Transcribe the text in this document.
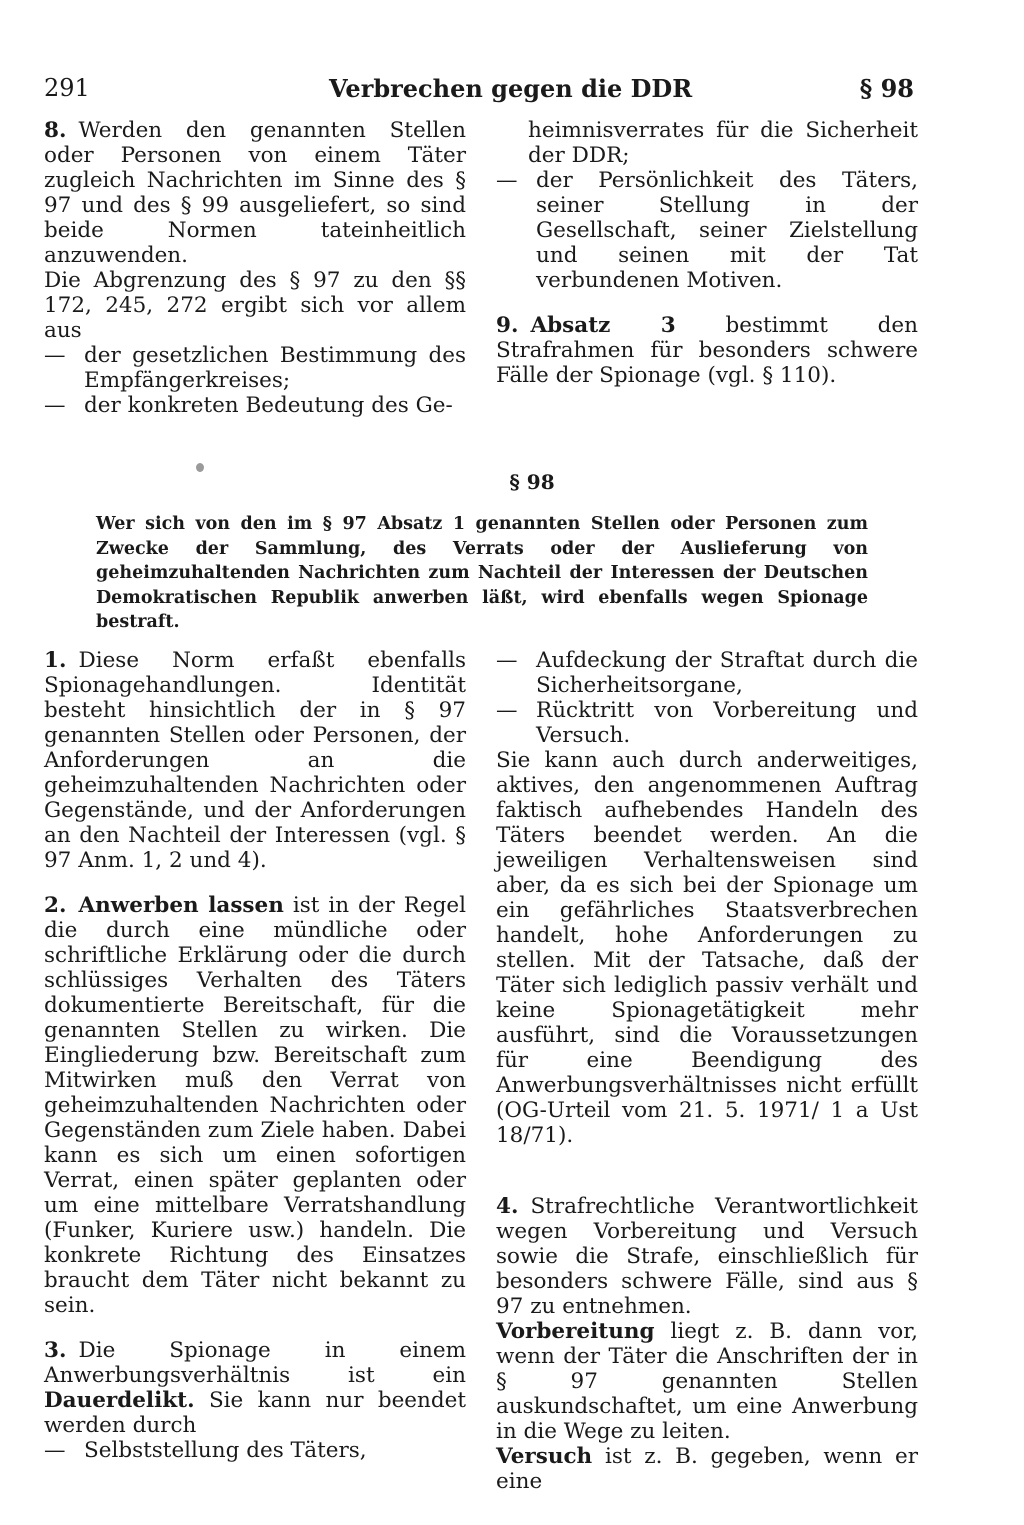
291	Verbrechen gegen die DDR	§ 98

8. Werden den genannten Stellen oder Personen von einem Täter zugleich Nachrichten im Sinne des § 97 und des § 99 ausgeliefert, so sind beide Normen tateinheitlich anzuwenden.

Die Abgrenzung des § 97 zu den §§ 172, 245, 272 ergibt sich vor allem aus

— der gesetzlichen Bestimmung des Empfängerkreises;

— der konkreten Bedeutung des Ge-

heimnisverrates für die Sicherheit der DDR;

— der Persönlichkeit des Täters, seiner Stellung in der Gesellschaft, seiner Zielstellung und seinen mit der Tat verbundenen Motiven.

9. Absatz 3 bestimmt den Strafrahmen für besonders schwere Fälle der Spionage (vgl. § 110).

§ 98

Wer sich von den im § 97 Absatz 1 genannten Stellen oder Personen zum Zwecke der Sammlung, des Verrats oder der Auslieferung von geheimzuhaltenden Nachrichten zum Nachteil der Interessen der Deutschen Demokratischen Republik anwerben läßt, wird ebenfalls wegen Spionage bestraft.

1. Diese Norm erfaßt ebenfalls Spionagehandlungen. Identität besteht hinsichtlich der in § 97 genannten Stellen oder Personen, der Anforderungen an die geheimzuhaltenden Nachrichten oder Gegenstände, und der Anforderungen an den Nachteil der Interessen (vgl. § 97 Anm. 1, 2 und 4).

2. Anwerben lassen ist in der Regel die durch eine mündliche oder schriftliche Erklärung oder die durch schlüssiges Verhalten des Täters dokumentierte Bereitschaft, für die genannten Stellen zu wirken. Die Eingliederung bzw. Bereitschaft zum Mitwirken muß den Verrat von geheimzuhaltenden Nachrichten oder Gegenständen zum Ziele haben. Dabei kann es sich um einen sofortigen Verrat, einen später geplanten oder um eine mittelbare Verratshandlung (Funker, Kuriere usw.) handeln. Die konkrete Richtung des Einsatzes braucht dem Täter nicht bekannt zu sein.

3. Die Spionage in einem Anwerbungsverhältnis ist ein Dauerdelikt. Sie kann nur beendet werden durch

— Selbststellung des Täters,

— Aufdeckung der Straftat durch die Sicherheitsorgane,

— Rücktritt von Vorbereitung und Versuch.

Sie kann auch durch anderweitiges, aktives, den angenommenen Auftrag faktisch aufhebendes Handeln des Täters beendet werden. An die jeweiligen Verhaltensweisen sind aber, da es sich bei der Spionage um ein gefährliches Staatsverbrechen handelt, hohe Anforderungen zu stellen. Mit der Tatsache, daß der Täter sich lediglich passiv verhält und keine Spionagetätigkeit mehr ausführt, sind die Voraussetzungen für eine Beendigung des Anwerbungsverhältnisses nicht erfüllt (OG-Urteil vom 21. 5. 1971/ 1 a Ust 18/71).

4. Strafrechtliche Verantwortlichkeit wegen Vorbereitung und Versuch sowie die Strafe, einschließlich für besonders schwere Fälle, sind aus § 97 zu entnehmen.

Vorbereitung liegt z. B. dann vor, wenn der Täter die Anschriften der in § 97 genannten Stellen auskundschaftet, um eine Anwerbung in die Wege zu leiten.

Versuch ist z. B. gegeben, wenn er eine
